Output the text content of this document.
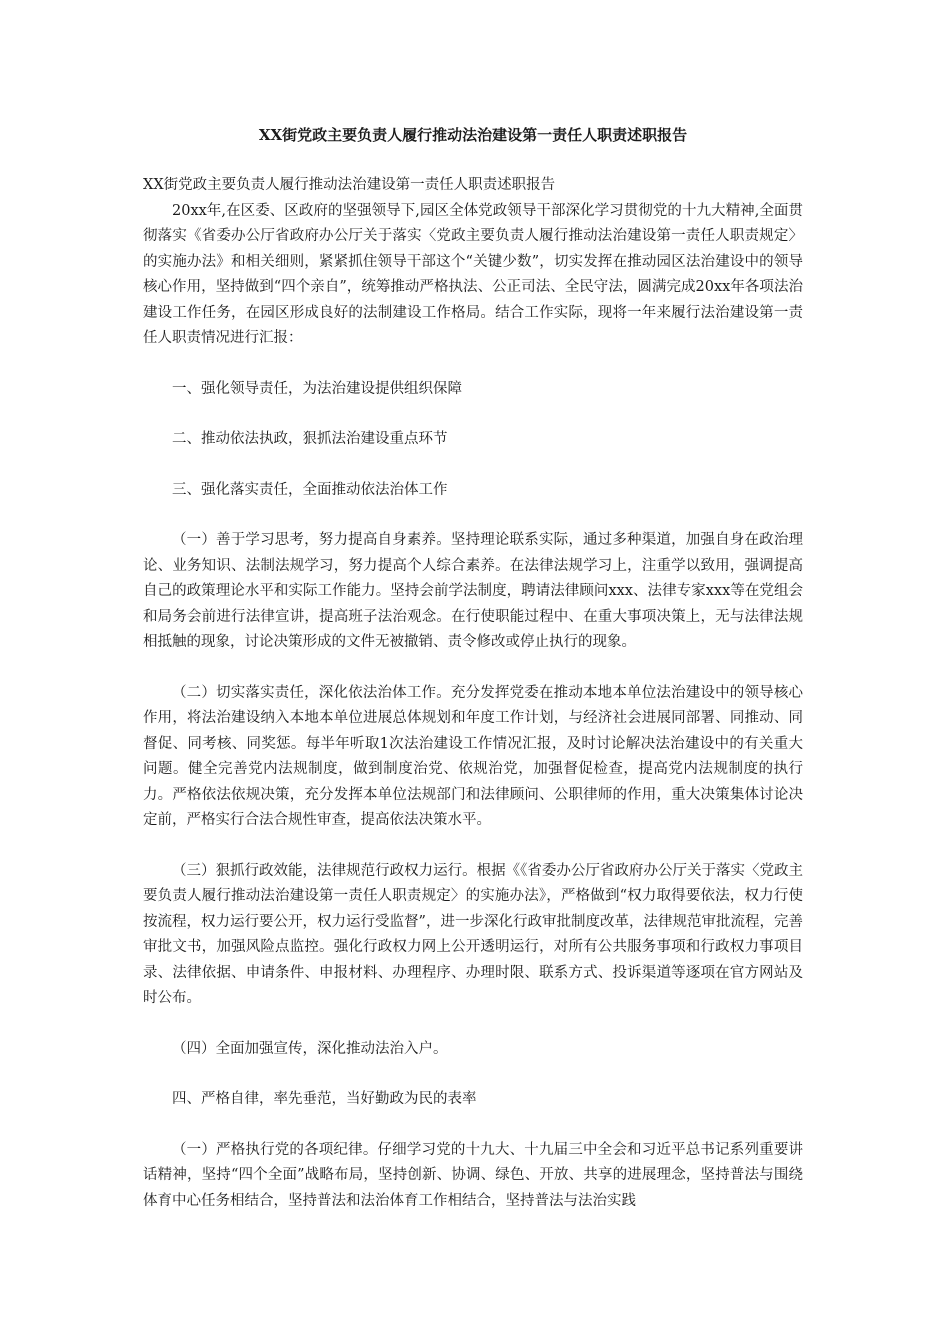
XX街党政主要负责人履行推动法治建设第一责任人职责述职报告

XX街党政主要负责人履行推动法治建设第一责任人职责述职报告

20xx年,在区委、区政府的坚强领导下,园区全体党政领导干部深化学习贯彻党的十九大精神,全面贯彻落实《省委办公厅省政府办公厅关于落实〈党政主要负责人履行推动法治建设第一责任人职责规定〉的实施办法》和相关细则，紧紧抓住领导干部这个“关键少数”，切实发挥在推动园区法治建设中的领导核心作用，坚持做到“四个亲自”，统筹推动严格执法、公正司法、全民守法，圆满完成20xx年各项法治建设工作任务，在园区形成良好的法制建设工作格局。结合工作实际，现将一年来履行法治建设第一责任人职责情况进行汇报：

一、强化领导责任，为法治建设提供组织保障

二、推动依法执政，狠抓法治建设重点环节

三、强化落实责任，全面推动依法治体工作

（一）善于学习思考，努力提高自身素养。坚持理论联系实际，通过多种渠道，加强自身在政治理论、业务知识、法制法规学习，努力提高个人综合素养。在法律法规学习上，注重学以致用，强调提高自己的政策理论水平和实际工作能力。坚持会前学法制度，聘请法律顾问xxx、法律专家xxx等在党组会和局务会前进行法律宣讲，提高班子法治观念。在行使职能过程中、在重大事项决策上，无与法律法规相抵触的现象，讨论决策形成的文件无被撤销、责令修改或停止执行的现象。

（二）切实落实责任，深化依法治体工作。充分发挥党委在推动本地本单位法治建设中的领导核心作用，将法治建设纳入本地本单位进展总体规划和年度工作计划，与经济社会进展同部署、同推动、同督促、同考核、同奖惩。每半年听取1次法治建设工作情况汇报，及时讨论解决法治建设中的有关重大问题。健全完善党内法规制度，做到制度治党、依规治党，加强督促检查，提高党内法规制度的执行力。严格依法依规决策，充分发挥本单位法规部门和法律顾问、公职律师的作用，重大决策集体讨论决定前，严格实行合法合规性审查，提高依法决策水平。

（三）狠抓行政效能，法律规范行政权力运行。根据《《省委办公厅省政府办公厅关于落实〈党政主要负责人履行推动法治建设第一责任人职责规定〉的实施办法》，严格做到“权力取得要依法，权力行使按流程，权力运行要公开，权力运行受监督”，进一步深化行政审批制度改革，法律规范审批流程，完善审批文书，加强风险点监控。强化行政权力网上公开透明运行，对所有公共服务事项和行政权力事项目录、法律依据、申请条件、申报材料、办理程序、办理时限、联系方式、投诉渠道等逐项在官方网站及时公布。

（四）全面加强宣传，深化推动法治入户。

四、严格自律，率先垂范，当好勤政为民的表率

（一）严格执行党的各项纪律。仔细学习党的十九大、十九届三中全会和习近平总书记系列重要讲话精神，坚持“四个全面”战略布局，坚持创新、协调、绿色、开放、共享的进展理念，坚持普法与围绕体育中心任务相结合，坚持普法和法治体育工作相结合，坚持普法与法治实践
